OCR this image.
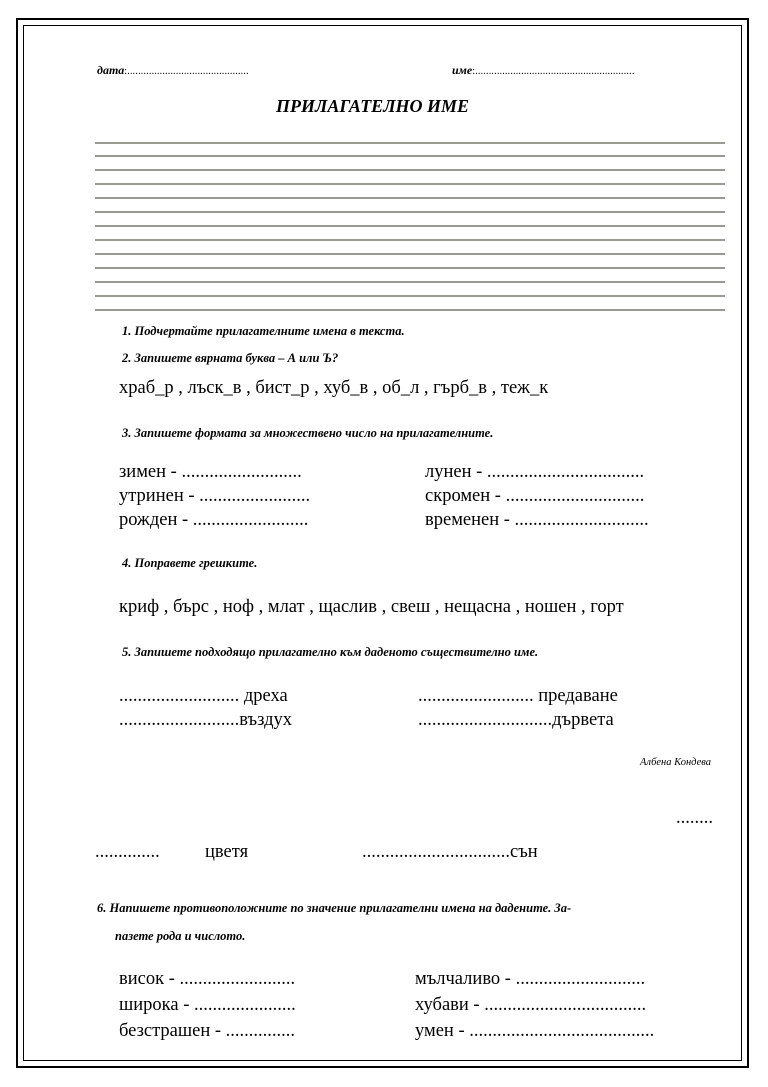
дата:.............................................	име:...........................................................
ПРИЛАГАТЕЛНО ИМЕ
1. Подчертайте прилагателните имена в текста.
2. Запишете вярната буква – А или Ъ?
храб_р , лъск_в , бист_р , хуб_в , об_л , гърб_в , теж_к
3. Запишете формата за множествено число на прилагателните.
зимен - ..........................
утринен - ........................
рожден - .........................
лунен - ..................................
скромен - ..............................
временен - .............................
4. Поправете грешките.
криф , бърс , ноф , млат , щаслив , свеш , нещасна , ношен , горт
5. Запишете подходящо прилагателно към даденото съществително име.
.......................... дреха
..........................въздух
......................... предаване
.............................дървета
Албена Кондева
........
.............. цветя	................................сън
6. Напишете противоположните по значение прилагателни имена на дадените. За-
пазете рода и числото.
висок - .........................
широка - ......................
безстрашен - ...............
мълчаливо - ............................
хубави - ...................................
умен - ........................................
